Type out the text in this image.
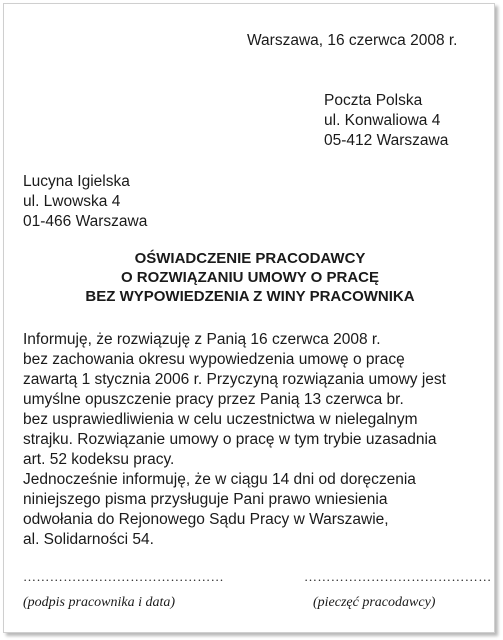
Warszawa, 16 czerwca 2008 r.
Poczta Polska
ul. Konwaliowa 4
05-412 Warszawa
Lucyna Igielska
ul. Lwowska 4
01-466 Warszawa
OŚWIADCZENIE PRACODAWCY
O ROZWIĄZANIU UMOWY O PRACĘ
BEZ WYPOWIEDZENIA Z WINY PRACOWNIKA
Informuję, że rozwiązuję z Panią 16 czerwca 2008 r.
bez zachowania okresu wypowiedzenia umowę o pracę
zawartą 1 stycznia 2006 r. Przyczyną rozwiązania umowy jest
umyślne opuszczenie pracy przez Panią 13 czerwca br.
bez usprawiedliwienia w celu uczestnictwa w nielegalnym
strajku. Rozwiązanie umowy o pracę w tym trybie uzasadnia
art. 52 kodeksu pracy.
Jednocześnie informuję, że w ciągu 14 dni od doręczenia
niniejszego pisma przysługuje Pani prawo wniesienia
odwołania do Rejonowego Sądu Pracy w Warszawie,
al. Solidarności 54.
………………………………………	……………………………………
(podpis pracownika i data)	(pieczęć pracodawcy)
